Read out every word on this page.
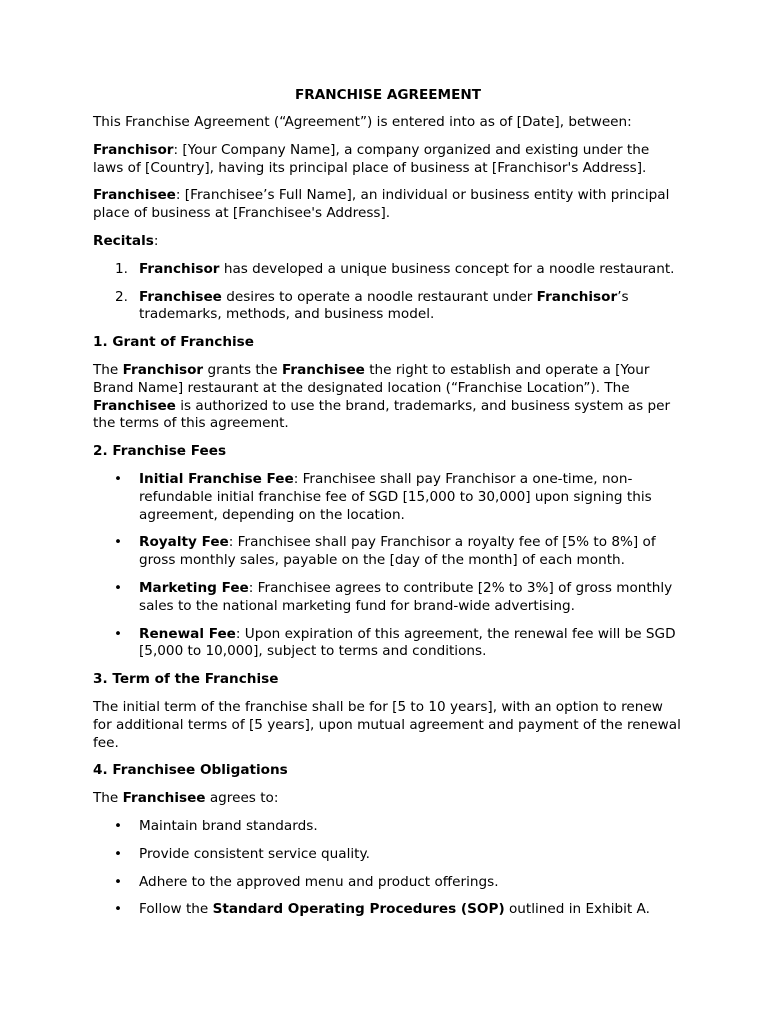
FRANCHISE AGREEMENT

This Franchise Agreement (“Agreement”) is entered into as of [Date], between:

Franchisor: [Your Company Name], a company organized and existing under the laws of [Country], having its principal place of business at [Franchisor's Address].

Franchisee: [Franchisee’s Full Name], an individual or business entity with principal place of business at [Franchisee's Address].

Recitals:

1. Franchisor has developed a unique business concept for a noodle restaurant.
2. Franchisee desires to operate a noodle restaurant under Franchisor’s trademarks, methods, and business model.
1. Grant of Franchise

The Franchisor grants the Franchisee the right to establish and operate a [Your Brand Name] restaurant at the designated location (“Franchise Location”). The Franchisee is authorized to use the brand, trademarks, and business system as per the terms of this agreement.

2. Franchise Fees
• Initial Franchise Fee: Franchisee shall pay Franchisor a one-time, non-refundable initial franchise fee of SGD [15,000 to 30,000] upon signing this agreement, depending on the location.
• Royalty Fee: Franchisee shall pay Franchisor a royalty fee of [5% to 8%] of gross monthly sales, payable on the [day of the month] of each month.
• Marketing Fee: Franchisee agrees to contribute [2% to 3%] of gross monthly sales to the national marketing fund for brand-wide advertising.
• Renewal Fee: Upon expiration of this agreement, the renewal fee will be SGD [5,000 to 10,000], subject to terms and conditions.
3. Term of the Franchise

The initial term of the franchise shall be for [5 to 10 years], with an option to renew for additional terms of [5 years], upon mutual agreement and payment of the renewal fee.

4. Franchisee Obligations

The Franchisee agrees to:

• Maintain brand standards.
• Provide consistent service quality.
• Adhere to the approved menu and product offerings.
• Follow the Standard Operating Procedures (SOP) outlined in Exhibit A.
